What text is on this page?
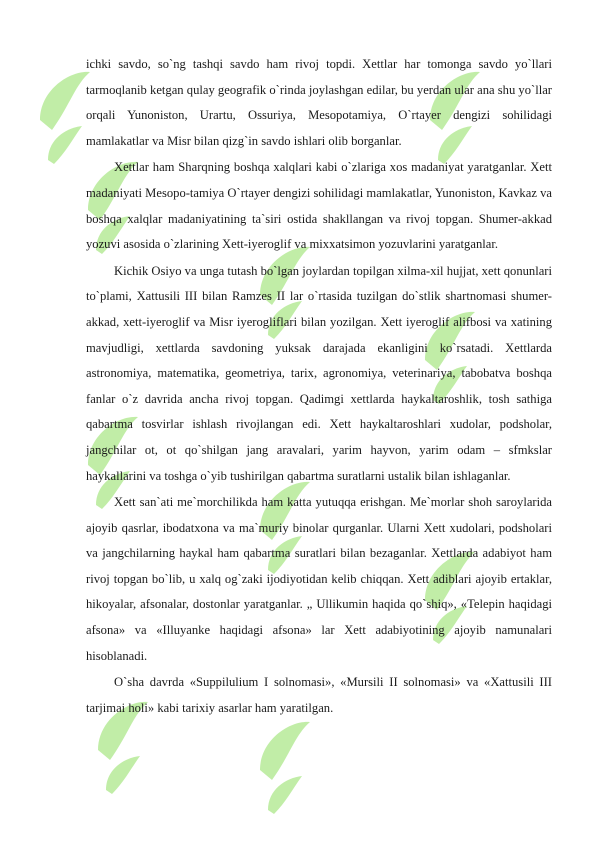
ichki savdo, so`ng tashqi savdo ham rivoj topdi. Xettlar har tomonga savdo yo`llari tarmoqlanib ketgan qulay geografik o`rinda joylashgan edilar, bu yerdan ular ana shu yo`llar orqali Yunoniston, Urartu, Ossuriya, Mesopotamiya, O`rtayer dengizi sohilidagi mamlakatlar va Misr bilan qizg`in savdo ishlari olib borganlar.

Xettlar ham Sharqning boshqa xalqlari kabi o`zlariga xos madaniyat yaratganlar. Xett madaniyati Mesopo-tamiya O`rtayer dengizi sohilidagi mamlakatlar, Yunoniston, Kavkaz va boshqa xalqlar madaniyatining ta`siri ostida shakllangan va rivoj topgan. Shumer-akkad yozuvi asosida o`zlarining Xett-iyeroglif va mixxatsimon yozuvlarini yaratganlar.

Kichik Osiyo va unga tutash bo`lgan joylardan topilgan xilma-xil hujjat, xett qonunlari to`plami, Xattusili III bilan Ramzes II lar o`rtasida tuzilgan do`stlik shartnomasi shumer-akkad, xett-iyeroglif va Misr iyerogliflari bilan yozilgan. Xett iyeroglif alifbosi va xatining mavjudligi, xettlarda savdoning yuksak darajada ekanligini ko`rsatadi. Xettlarda astronomiya, matematika, geometriya, tarix, agronomiya, veterinariya, tabobatva boshqa fanlar o`z davrida ancha rivoj topgan. Qadimgi xettlarda haykaltaroshlik, tosh sathiga qabartma tosvirlar ishlash rivojlangan edi. Xett haykaltaroshlari xudolar, podsholar, jangchilar ot, ot qo`shilgan jang aravalari, yarim hayvon, yarim odam – sfmkslar haykallarini va toshga o`yib tushirilgan qabartma suratlarni ustalik bilan ishlaganlar.

Xett san`ati me`morchilikda ham katta yutuqqa erishgan. Me`morlar shoh saroylarida ajoyib qasrlar, ibodatxona va ma`muriy binolar qurganlar. Ularni Xett xudolari, podsholari va jangchilarning haykal ham qabartma suratlari bilan bezaganlar. Xettlarda adabiyot ham rivoj topgan bo`lib, u xalq og`zaki ijodiyotidan kelib chiqqan. Xett adiblari ajoyib ertaklar, hikoyalar, afsonalar, dostonlar yaratganlar. „ Ullikumin haqida qo`shiq», «Telepin haqidagi afsona» va «Illuyanke haqidagi afsona» lar Xett adabiyotining ajoyib namunalari hisoblanadi.

O`sha davrda «Suppilulium I solnomasi», «Mursili II solnomasi» va «Xattusili III tarjimai holi» kabi tarixiy asarlar ham yaratilgan.
